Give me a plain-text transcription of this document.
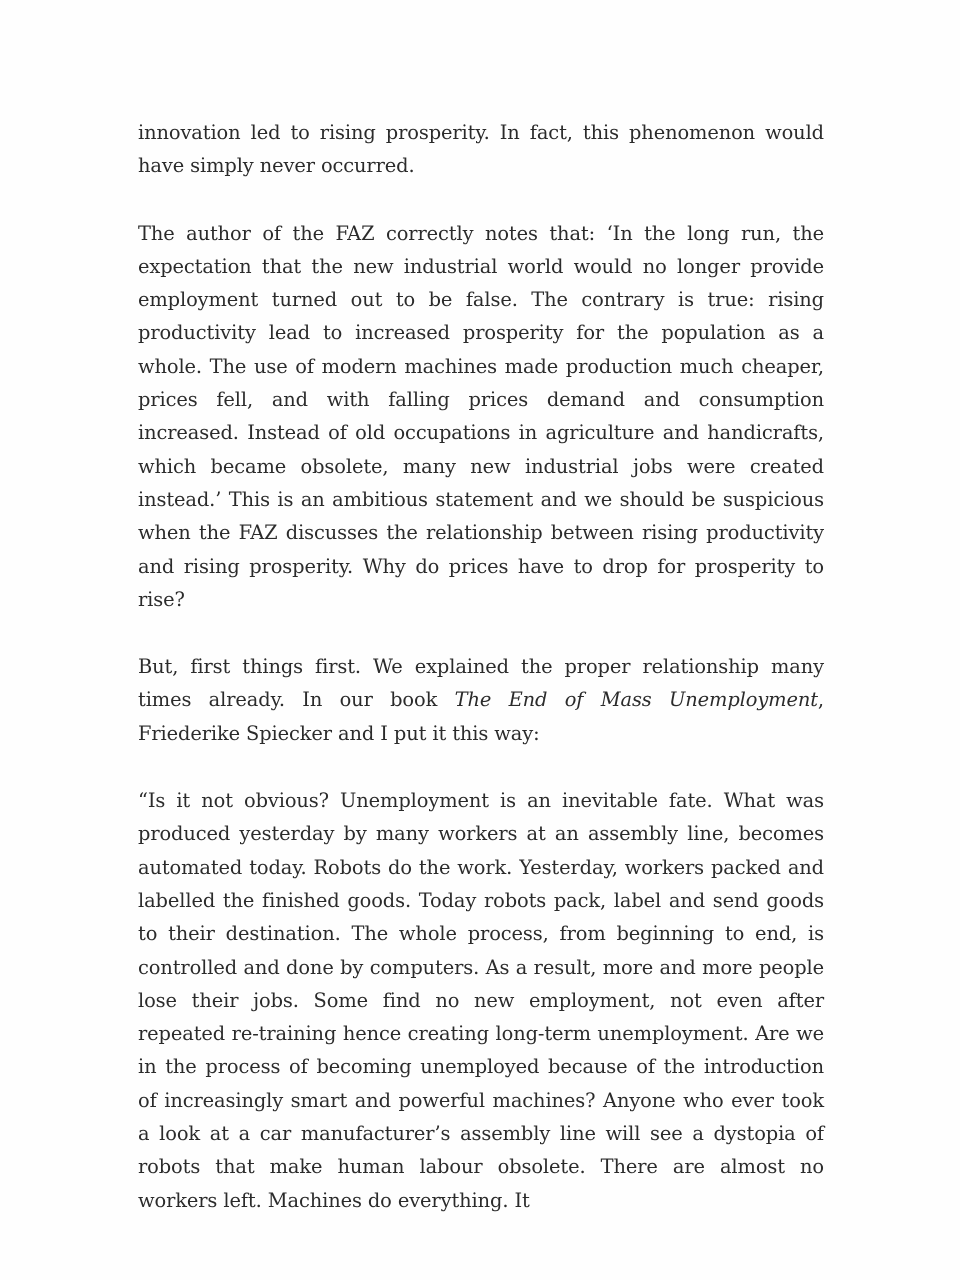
innovation led to rising prosperity. In fact, this phenomenon would have simply never occurred.

The author of the FAZ correctly notes that: ‘In the long run, the expectation that the new industrial world would no longer provide employment turned out to be false. The contrary is true: rising productivity lead to increased prosperity for the population as a whole. The use of modern machines made production much cheaper, prices fell, and with falling prices demand and consumption increased. Instead of old occupations in agriculture and handicrafts, which became obsolete, many new industrial jobs were created instead.’ This is an ambitious statement and we should be suspicious when the FAZ discusses the relationship between rising productivity and rising prosperity. Why do prices have to drop for prosperity to rise?

But, first things first. We explained the proper relationship many times already. In our book The End of Mass Unemployment, Friederike Spiecker and I put it this way:

“Is it not obvious? Unemployment is an inevitable fate. What was produced yesterday by many workers at an assembly line, becomes automated today. Robots do the work. Yesterday, workers packed and labelled the finished goods. Today robots pack, label and send goods to their destination. The whole process, from beginning to end, is controlled and done by computers. As a result, more and more people lose their jobs. Some find no new employment, not even after repeated re-training hence creating long-term unemployment. Are we in the process of becoming unemployed because of the introduction of increasingly smart and powerful machines? Anyone who ever took a look at a car manufacturer’s assembly line will see a dystopia of robots that make human labour obsolete. There are almost no workers left. Machines do everything. It
